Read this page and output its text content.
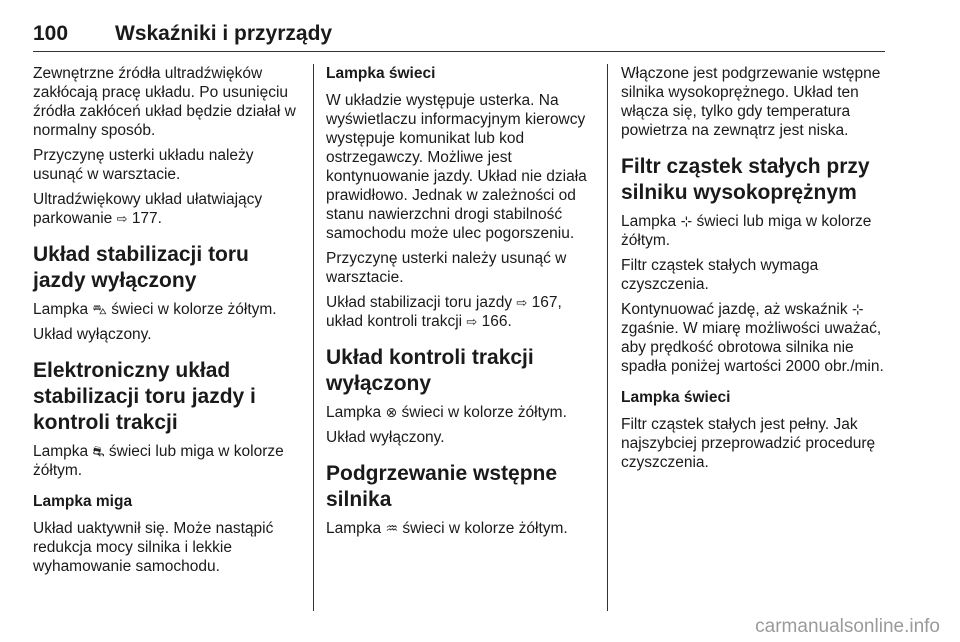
100 Wskaźniki i przyrządy

Zewnętrzne źródła ultradźwięków zakłócają pracę układu. Po usunięciu źródła zakłóceń układ będzie działał w normalny sposób.

Przyczynę usterki układu należy usunąć w warsztacie.

Ultradźwiękowy układ ułatwiający parkowanie ⇨ 177.

Układ stabilizacji toru jazdy wyłączony

Lampka ⛍ świeci w kolorze żółtym.

Układ wyłączony.

Elektroniczny układ stabilizacji toru jazdy i kontroli trakcji

Lampka ⛐ świeci lub miga w kolorze żółtym.

Lampka miga

Układ uaktywnił się. Może nastąpić redukcja mocy silnika i lekkie wyhamowanie samochodu.

Lampka świeci

W układzie występuje usterka. Na wyświetlaczu informacyjnym kierowcy występuje komunikat lub kod ostrzegawczy. Możliwe jest kontynuowanie jazdy. Układ nie działa prawidłowo. Jednak w zależności od stanu nawierzchni drogi stabilność samochodu może ulec pogorszeniu.

Przyczynę usterki należy usunąć w warsztacie.

Układ stabilizacji toru jazdy ⇨ 167,
układ kontroli trakcji ⇨ 166.

Układ kontroli trakcji wyłączony

Lampka ⊗ świeci w kolorze żółtym.

Układ wyłączony.

Podgrzewanie wstępne silnika

Lampka ♒ świeci w kolorze żółtym.

Włączone jest podgrzewanie wstępne silnika wysokoprężnego. Układ ten włącza się, tylko gdy temperatura powietrza na zewnątrz jest niska.

Filtr cząstek stałych przy silniku wysokoprężnym

Lampka ⊹ świeci lub miga w kolorze żółtym.

Filtr cząstek stałych wymaga czyszczenia.

Kontynuować jazdę, aż wskaźnik ⊹ zgaśnie. W miarę możliwości uważać, aby prędkość obrotowa silnika nie spadła poniżej wartości 2000 obr./min.

Lampka świeci

Filtr cząstek stałych jest pełny. Jak najszybciej przeprowadzić procedurę czyszczenia.

carmanualsonline.info
